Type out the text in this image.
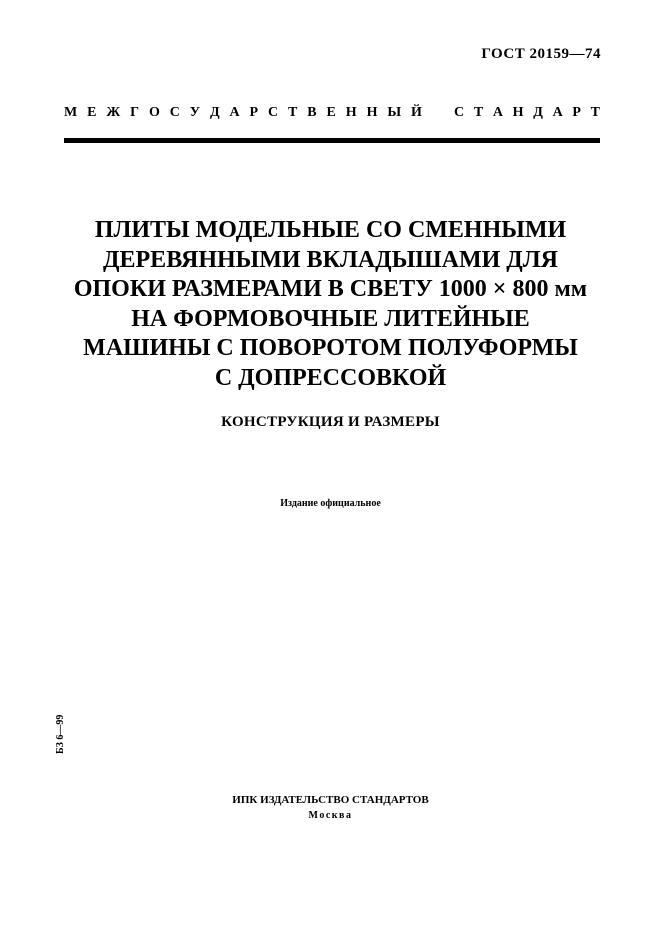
ГОСТ 20159—74
М Е Ж Г О С У Д А Р С Т В Е Н Н Ы Й С Т А Н Д А Р Т
ПЛИТЫ МОДЕЛЬНЫЕ СО СМЕННЫМИ
ДЕРЕВЯННЫМИ ВКЛАДЫШАМИ ДЛЯ
ОПОКИ РАЗМЕРАМИ В СВЕТУ 1000 × 800 мм
НА ФОРМОВОЧНЫЕ ЛИТЕЙНЫЕ
МАШИНЫ С ПОВОРОТОМ ПОЛУФОРМЫ
С ДОПРЕССОВКОЙ
КОНСТРУКЦИЯ И РАЗМЕРЫ
Издание официальное
БЗ 6—99
ИПК ИЗДАТЕЛЬСТВО СТАНДАРТОВ
Москва
